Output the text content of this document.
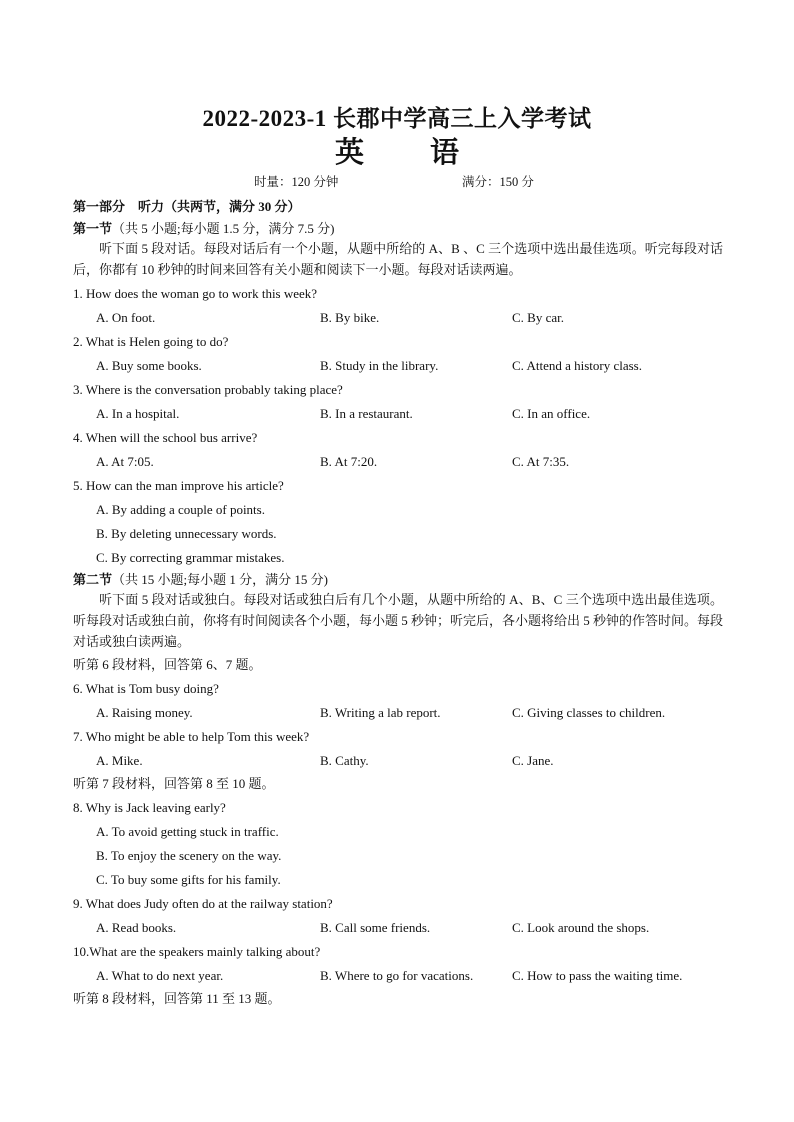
2022-2023-1 长郡中学高三上入学考试
英 语
时量：120 分钟	满分：150 分
第一部分　听力（共两节，满分 30 分）
第一节（共 5 小题;每小题 1.5 分，满分 7.5 分)
听下面 5 段对话。每段对话后有一个小题，从题中所给的 A、B 、C 三个选项中选出最佳选项。听完每段对话后，你都有 10 秒钟的时间来回答有关小题和阅读下一小题。每段对话读两遍。
1. How does the woman go to work this week?
A. On foot.	B. By bike.	C. By car.
2. What is Helen going to do?
A. Buy some books.	B. Study in the library.	C. Attend a history class.
3. Where is the conversation probably taking place?
A. In a hospital.	B. In a restaurant.	C. In an office.
4. When will the school bus arrive?
A. At 7:05.	B. At 7:20.	C. At 7:35.
5. How can the man improve his article?
A. By adding a couple of points.
B. By deleting unnecessary words.
C. By correcting grammar mistakes.
第二节（共 15 小题;每小题 1 分，满分 15 分)
听下面 5 段对话或独白。每段对话或独白后有几个小题，从题中所给的 A、B、C 三个选项中选出最佳选项。听每段对话或独白前，你将有时间阅读各个小题，每小题 5 秒钟；听完后，各小题将给出 5 秒钟的作答时间。每段对话或独白读两遍。
听第 6 段材料，回答第 6、7 题。
6. What is Tom busy doing?
A. Raising money.	B. Writing a lab report.	C. Giving classes to children.
7. Who might be able to help Tom this week?
A. Mike.	B. Cathy.	C. Jane.
听第 7 段材料，回答第 8 至 10 题。
8. Why is Jack leaving early?
A. To avoid getting stuck in traffic.
B. To enjoy the scenery on the way.
C. To buy some gifts for his family.
9. What does Judy often do at the railway station?
A. Read books.	B. Call some friends.	C. Look around the shops.
10.What are the speakers mainly talking about?
A. What to do next year.	B. Where to go for vacations.	C. How to pass the waiting time.
听第 8 段材料，回答第 11 至 13 题。
